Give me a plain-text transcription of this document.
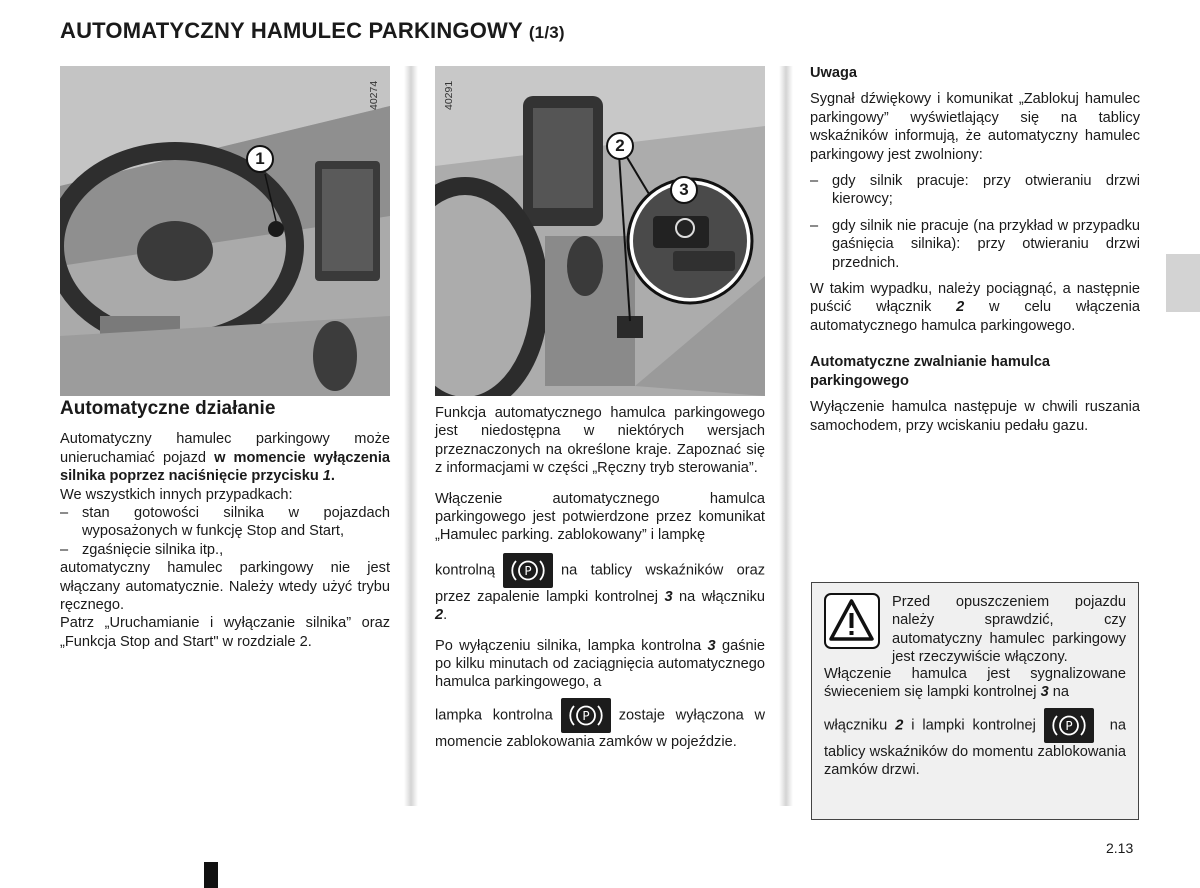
AUTOMATYCZNY HAMULEC PARKINGOWY (1/3)
1
40274
2
3
40291
Automatyczne działanie

Automatyczny hamulec parkingowy może unieruchamiać pojazd w momencie wyłączenia silnika poprzez naciśnięcie przycisku 1.

We wszystkich innych przypadkach:

– stan gotowości silnika w pojazdach wyposażonych w funkcję Stop and Start,
– zgaśnięcie silnika itp.,

automatyczny hamulec parkingowy nie jest włączany automatycznie. Należy wtedy użyć trybu ręcznego.

Patrz „Uruchamianie i wyłączanie silnika” oraz „Funkcja Stop and Start" w rozdziale 2.

Funkcja automatycznego hamulca parkingowego jest niedostępna w niektórych wersjach przeznaczonych na określone kraje. Zapoznać się z informacjami w części „Ręczny tryb sterowania”.

Włączenie automatycznego hamulca parkingowego jest potwierdzone przez komunikat „Hamulec parking. zablokowany” i lampkę

kontrolną P na tablicy wskaźników oraz przez zapalenie lampki kontrolnej 3 na włączniku 2.

Po wyłączeniu silnika, lampka kontrolna 3 gaśnie po kilku minutach od zaciągnięcia automatycznego hamulca parkingowego, a

lampka kontrolna P zostaje wyłączona w momencie zablokowania zamków w pojeździe.

Uwaga

Sygnał dźwiękowy i komunikat „Zablokuj hamulec parkingowy” wyświetlający się na tablicy wskaźników informują, że automatyczny hamulec parkingowy jest zwolniony:

– gdy silnik pracuje: przy otwieraniu drzwi kierowcy;
– gdy silnik nie pracuje (na przykład w przypadku gaśnięcia silnika): przy otwieraniu drzwi przednich.

W takim wypadku, należy pociągnąć, a następnie puścić włącznik 2 w celu włączenia automatycznego hamulca parkingowego.

Automatyczne zwalnianie hamulca parkingowego

Wyłączenie hamulca następuje w chwili ruszania samochodem, przy wciskaniu pedału gazu.

Przed opuszczeniem pojazdu należy sprawdzić, czy automatyczny hamulec parkingowy jest rzeczywiście włączony.

Włączenie hamulca jest sygnalizowane świeceniem się lampki kontrolnej 3 na

włączniku 2 i lampki kontrolnej P	na tablicy wskaźników do momentu zablokowania zamków drzwi.

2.13
